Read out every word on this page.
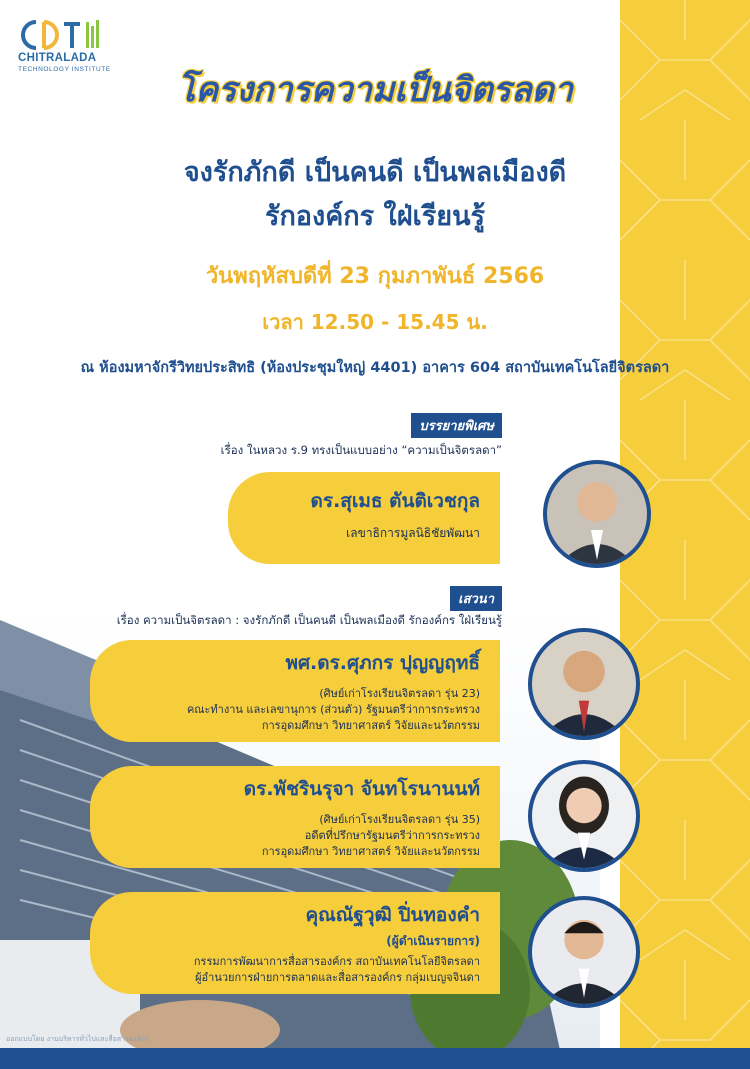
CHITRALADA
TECHNOLOGY INSTITUTE
โครงการความเป็นจิตรลดา
จงรักภักดี เป็นคนดี เป็นพลเมืองดี
รักองค์กร ใฝ่เรียนรู้
วันพฤหัสบดีที่ 23 กุมภาพันธ์ 2566
เวลา 12.50 - 15.45 น.
ณ ห้องมหาจักรีวิทยประสิทธิ (ห้องประชุมใหญ่ 4401) อาคาร 604 สถาบันเทคโนโลยีจิตรลดา
บรรยายพิเศษ
เรื่อง ในหลวง ร.9 ทรงเป็นแบบอย่าง “ความเป็นจิตรลดา”
ดร.สุเมธ ตันติเวชกุล
เลขาธิการมูลนิธิชัยพัฒนา
เสวนา
เรื่อง ความเป็นจิตรลดา : จงรักภักดี เป็นคนดี เป็นพลเมืองดี รักองค์กร ใฝ่เรียนรู้
พศ.ดร.ศุภกร ปุญญฤทธิ์
(ศิษย์เก่าโรงเรียนจิตรลดา รุ่น 23)
คณะทำงาน และเลขานุการ (ส่วนตัว) รัฐมนตรีว่าการกระทรวง
การอุดมศึกษา วิทยาศาสตร์ วิจัยและนวัตกรรม
ดร.พัชรินรุจา จันทโรนานนท์
(ศิษย์เก่าโรงเรียนจิตรลดา รุ่น 35)
อดีตที่ปรึกษารัฐมนตรีว่าการกระทรวง
การอุดมศึกษา วิทยาศาสตร์ วิจัยและนวัตกรรม
คุณณัฐวุฒิ ปิ่นทองคำ
(ผู้ดำเนินรายการ)
กรรมการพัฒนาการสื่อสารองค์กร สถาบันเทคโนโลยีจิตรลดา
ผู้อำนวยการฝ่ายการตลาดและสื่อสารองค์กร กลุ่มเบญจจินดา
ออกแบบโดย งานบริหารทั่วไปและสื่อสารองค์กร
